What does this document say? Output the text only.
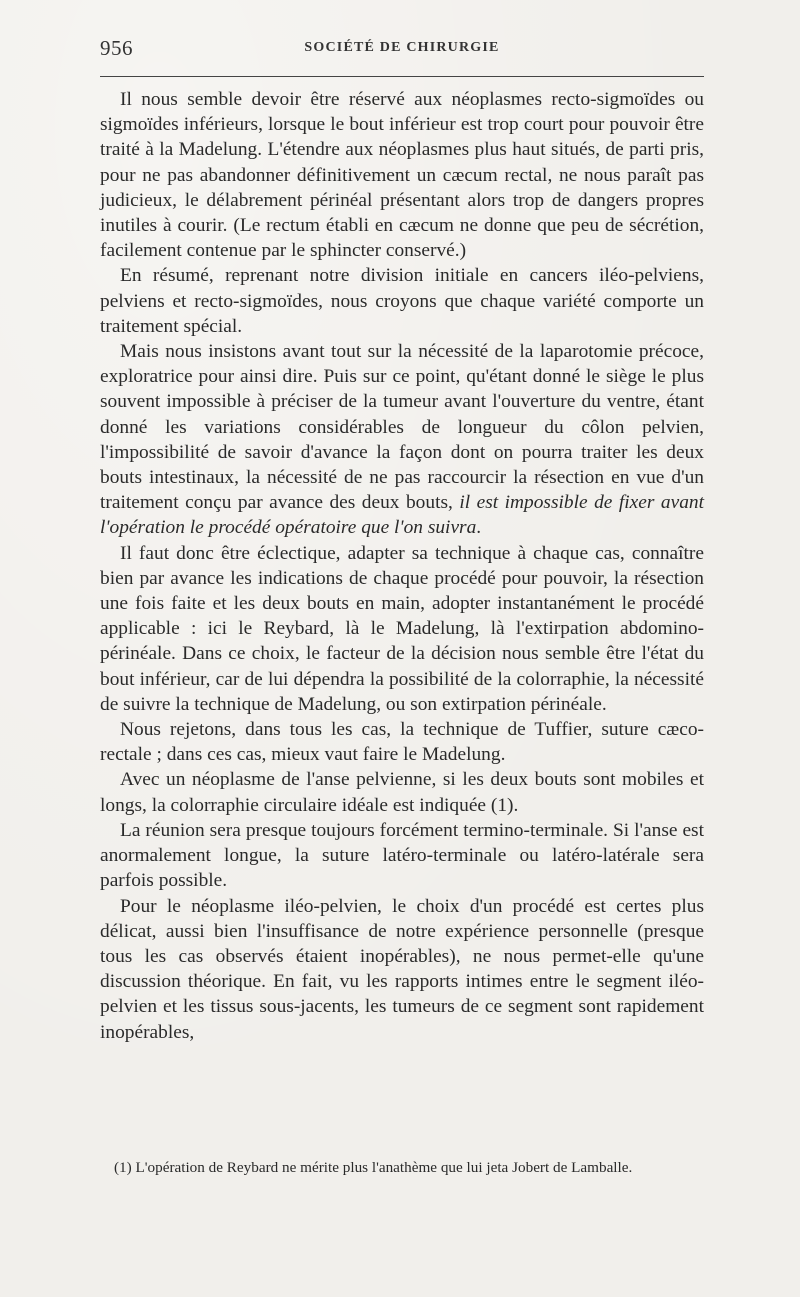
956	SOCIÉTÉ DE CHIRURGIE

Il nous semble devoir être réservé aux néoplasmes recto-sigmoïdes ou sigmoïdes inférieurs, lorsque le bout inférieur est trop court pour pouvoir être traité à la Madelung. L'étendre aux néoplasmes plus haut situés, de parti pris, pour ne pas abandonner définitivement un cæcum rectal, ne nous paraît pas judicieux, le délabrement périnéal présentant alors trop de dangers propres inutiles à courir. (Le rectum établi en cæcum ne donne que peu de sécrétion, facilement contenue par le sphincter conservé.)

En résumé, reprenant notre division initiale en cancers iléo-pelviens, pelviens et recto-sigmoïdes, nous croyons que chaque variété comporte un traitement spécial.

Mais nous insistons avant tout sur la nécessité de la laparotomie précoce, exploratrice pour ainsi dire. Puis sur ce point, qu'étant donné le siège le plus souvent impossible à préciser de la tumeur avant l'ouverture du ventre, étant donné les variations considérables de longueur du côlon pelvien, l'impossibilité de savoir d'avance la façon dont on pourra traiter les deux bouts intestinaux, la nécessité de ne pas raccourcir la résection en vue d'un traitement conçu par avance des deux bouts, il est impossible de fixer avant l'opération le procédé opératoire que l'on suivra.

Il faut donc être éclectique, adapter sa technique à chaque cas, connaître bien par avance les indications de chaque procédé pour pouvoir, la résection une fois faite et les deux bouts en main, adopter instantanément le procédé applicable : ici le Reybard, là le Madelung, là l'extirpation abdomino-périnéale. Dans ce choix, le facteur de la décision nous semble être l'état du bout inférieur, car de lui dépendra la possibilité de la colorraphie, la nécessité de suivre la technique de Madelung, ou son extirpation périnéale.

Nous rejetons, dans tous les cas, la technique de Tuffier, suture cæco-rectale ; dans ces cas, mieux vaut faire le Madelung.

Avec un néoplasme de l'anse pelvienne, si les deux bouts sont mobiles et longs, la colorraphie circulaire idéale est indiquée (1).

La réunion sera presque toujours forcément termino-terminale. Si l'anse est anormalement longue, la suture latéro-terminale ou latéro-latérale sera parfois possible.

Pour le néoplasme iléo-pelvien, le choix d'un procédé est certes plus délicat, aussi bien l'insuffisance de notre expérience personnelle (presque tous les cas observés étaient inopérables), ne nous permet-elle qu'une discussion théorique. En fait, vu les rapports intimes entre le segment iléo-pelvien et les tissus sous-jacents, les tumeurs de ce segment sont rapidement inopérables,

(1) L'opération de Reybard ne mérite plus l'anathème que lui jeta Jobert de Lamballe.
